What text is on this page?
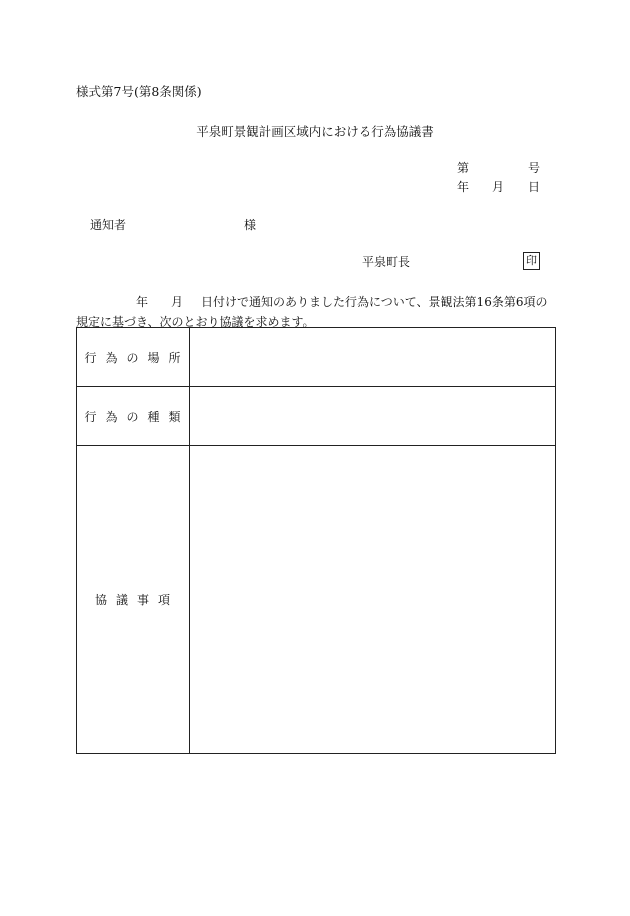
様式第7号(第8条関係)
平泉町景観計画区域内における行為協議書
第	号
年 月 日
通知者	様
平泉町長	印
年 月 日付けで通知のありました行為について、景観法第16条第6項の規定に基づき、次のとおり協議を求めます。
行為の場所	
行為の種類	
協議事項	
